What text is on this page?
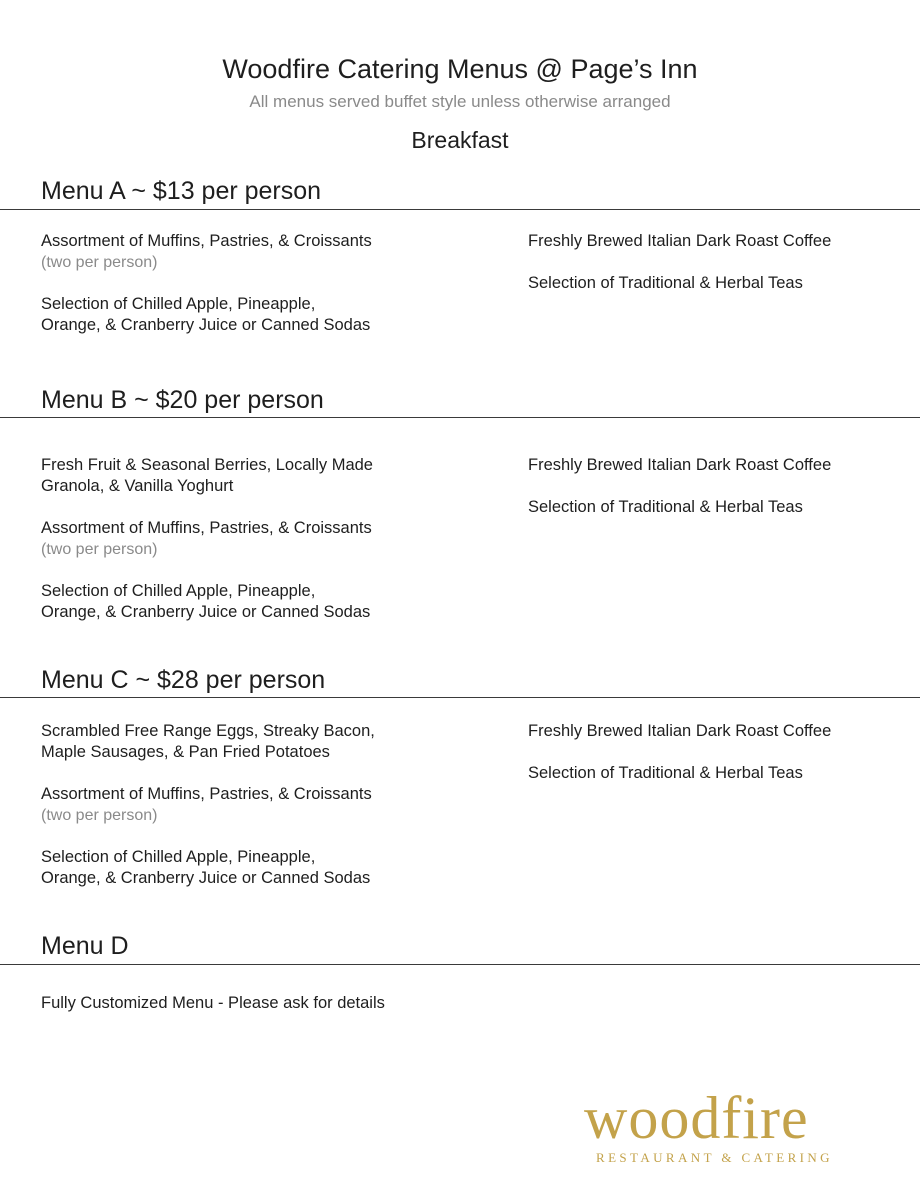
Woodfire Catering Menus @ Page’s Inn
All menus served buffet style unless otherwise arranged
Breakfast
Menu A ~ $13 per person
Assortment of Muffins, Pastries, & Croissants
(two per person)
Selection of Chilled Apple, Pineapple,
Orange, & Cranberry Juice or Canned Sodas
Freshly Brewed Italian Dark Roast Coffee
Selection of Traditional & Herbal Teas
Menu B ~ $20 per person
Fresh Fruit & Seasonal Berries, Locally Made
Granola, & Vanilla Yoghurt
Assortment of Muffins, Pastries, & Croissants
(two per person)
Selection of Chilled Apple, Pineapple,
Orange, & Cranberry Juice or Canned Sodas
Freshly Brewed Italian Dark Roast Coffee
Selection of Traditional & Herbal Teas
Menu C ~ $28 per person
Scrambled Free Range Eggs, Streaky Bacon,
Maple Sausages, & Pan Fried Potatoes
Assortment of Muffins, Pastries, & Croissants
(two per person)
Selection of Chilled Apple, Pineapple,
Orange, & Cranberry Juice or Canned Sodas
Freshly Brewed Italian Dark Roast Coffee
Selection of Traditional & Herbal Teas
Menu D
Fully Customized Menu - Please ask for details
woodfire
RESTAURANT & CATERING
